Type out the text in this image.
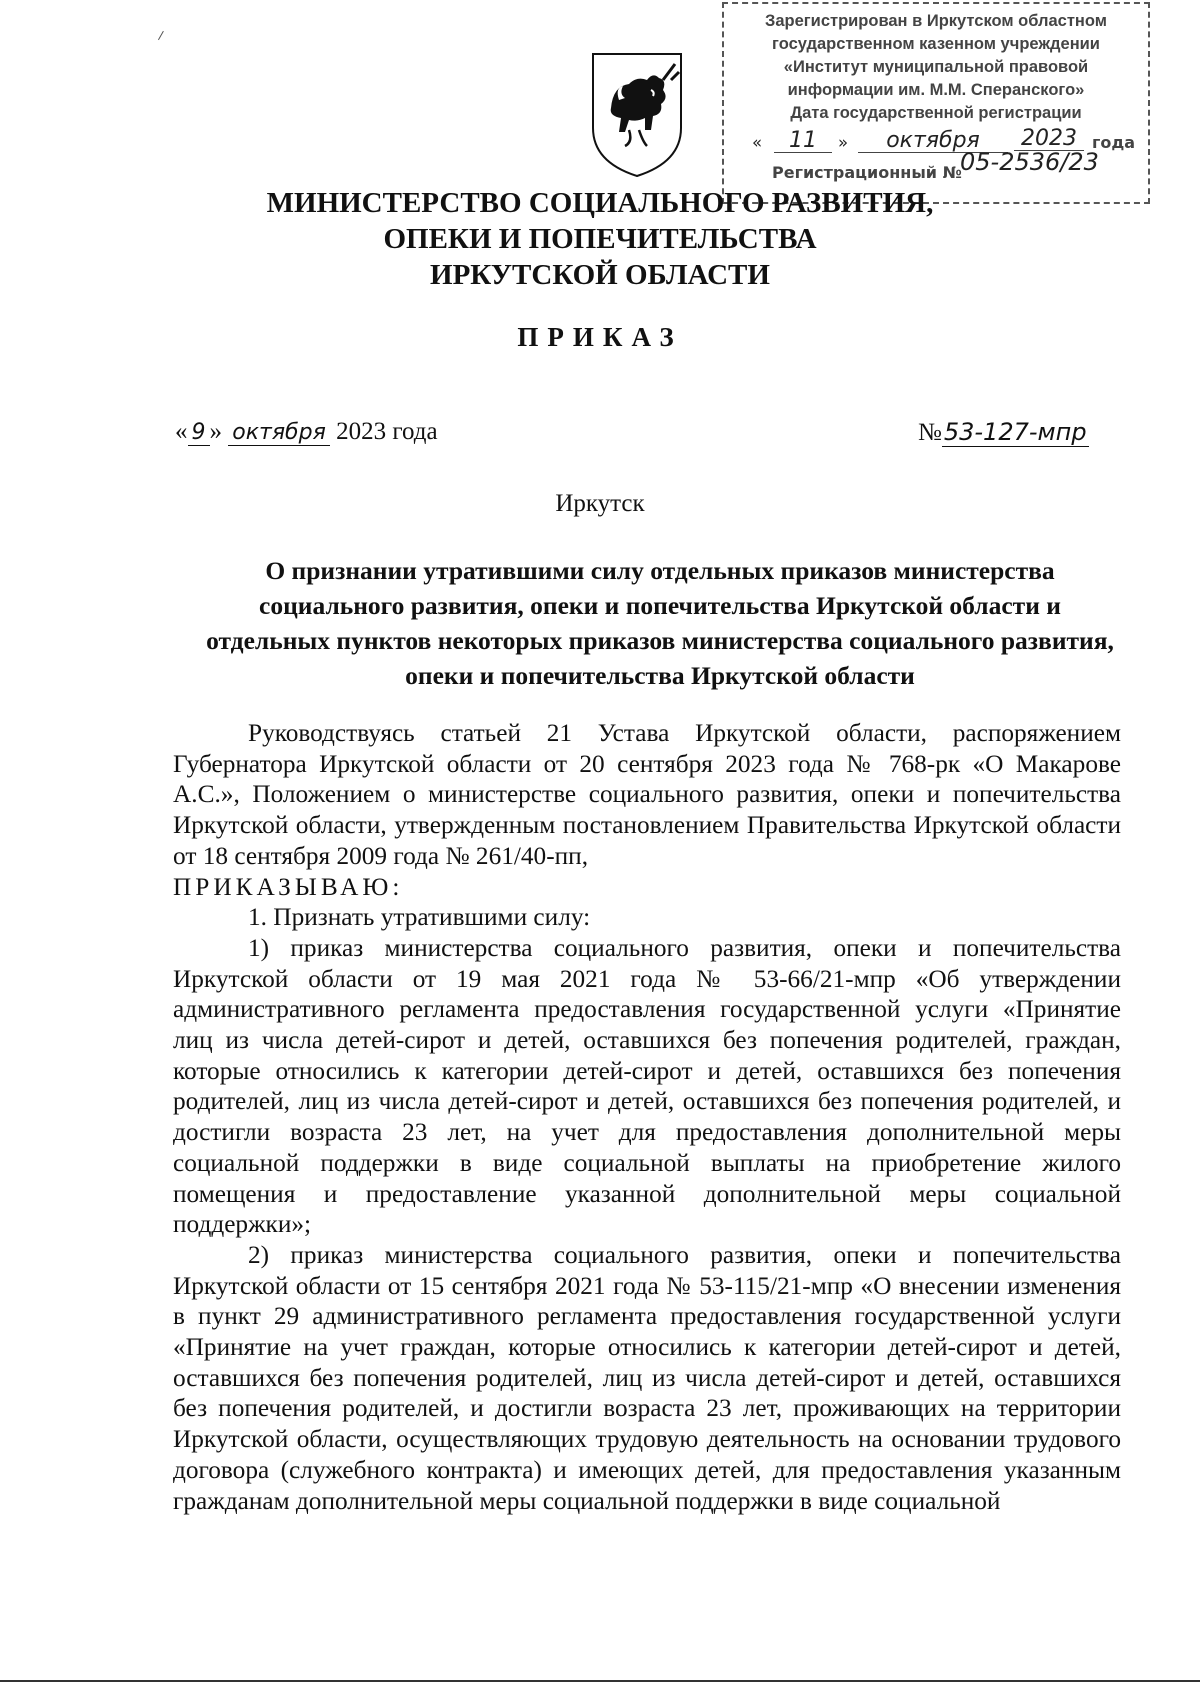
Зарегистрирован в Иркутском областном
государственном казенном учреждении
«Институт муниципальной правовой
информации им. М.М. Сперанского»
Дата государственной регистрации
«	11	»	октября	2023 года
Регистрационный №
05-2536/23
МИНИСТЕРСТВО СОЦИАЛЬНОГО РАЗВИТИЯ,
ОПЕКИ И ПОПЕЧИТЕЛЬСТВА
ИРКУТСКОЙ ОБЛАСТИ
ПРИКАЗ
« 9 » октября 2023 года	№53-127-мпр
Иркутск
О признании утратившими силу отдельных приказов министерства социального развития, опеки и попечительства Иркутской области и отдельных пунктов некоторых приказов министерства социального развития, опеки и попечительства Иркутской области

Руководствуясь статьей 21 Устава Иркутской области, распоряжением Губернатора Иркутской области от 20 сентября 2023 года № 768-рк «О Макарове А.С.», Положением о министерстве социального развития, опеки и попечительства Иркутской области, утвержденным постановлением Правительства Иркутской области от 18 сентября 2009 года № 261/40-пп,

ПРИКАЗЫВАЮ:

1. Признать утратившими силу:

1) приказ министерства социального развития, опеки и попечительства Иркутской области от 19 мая 2021 года № 53-66/21-мпр «Об утверждении административного регламента предоставления государственной услуги «Принятие лиц из числа детей-сирот и детей, оставшихся без попечения родителей, граждан, которые относились к категории детей-сирот и детей, оставшихся без попечения родителей, лиц из числа детей-сирот и детей, оставшихся без попечения родителей, и достигли возраста 23 лет, на учет для предоставления дополнительной меры социальной поддержки в виде социальной выплаты на приобретение жилого помещения и предоставление указанной дополнительной меры социальной поддержки»;

2) приказ министерства социального развития, опеки и попечительства Иркутской области от 15 сентября 2021 года № 53-115/21-мпр «О внесении изменения в пункт 29 административного регламента предоставления государственной услуги «Принятие на учет граждан, которые относились к категории детей-сирот и детей, оставшихся без попечения родителей, лиц из числа детей-сирот и детей, оставшихся без попечения родителей, и достигли возраста 23 лет, проживающих на территории Иркутской области, осуществляющих трудовую деятельность на основании трудового договора (служебного контракта) и имеющих детей, для предоставления указанным гражданам дополнительной меры социальной поддержки в виде социальной
